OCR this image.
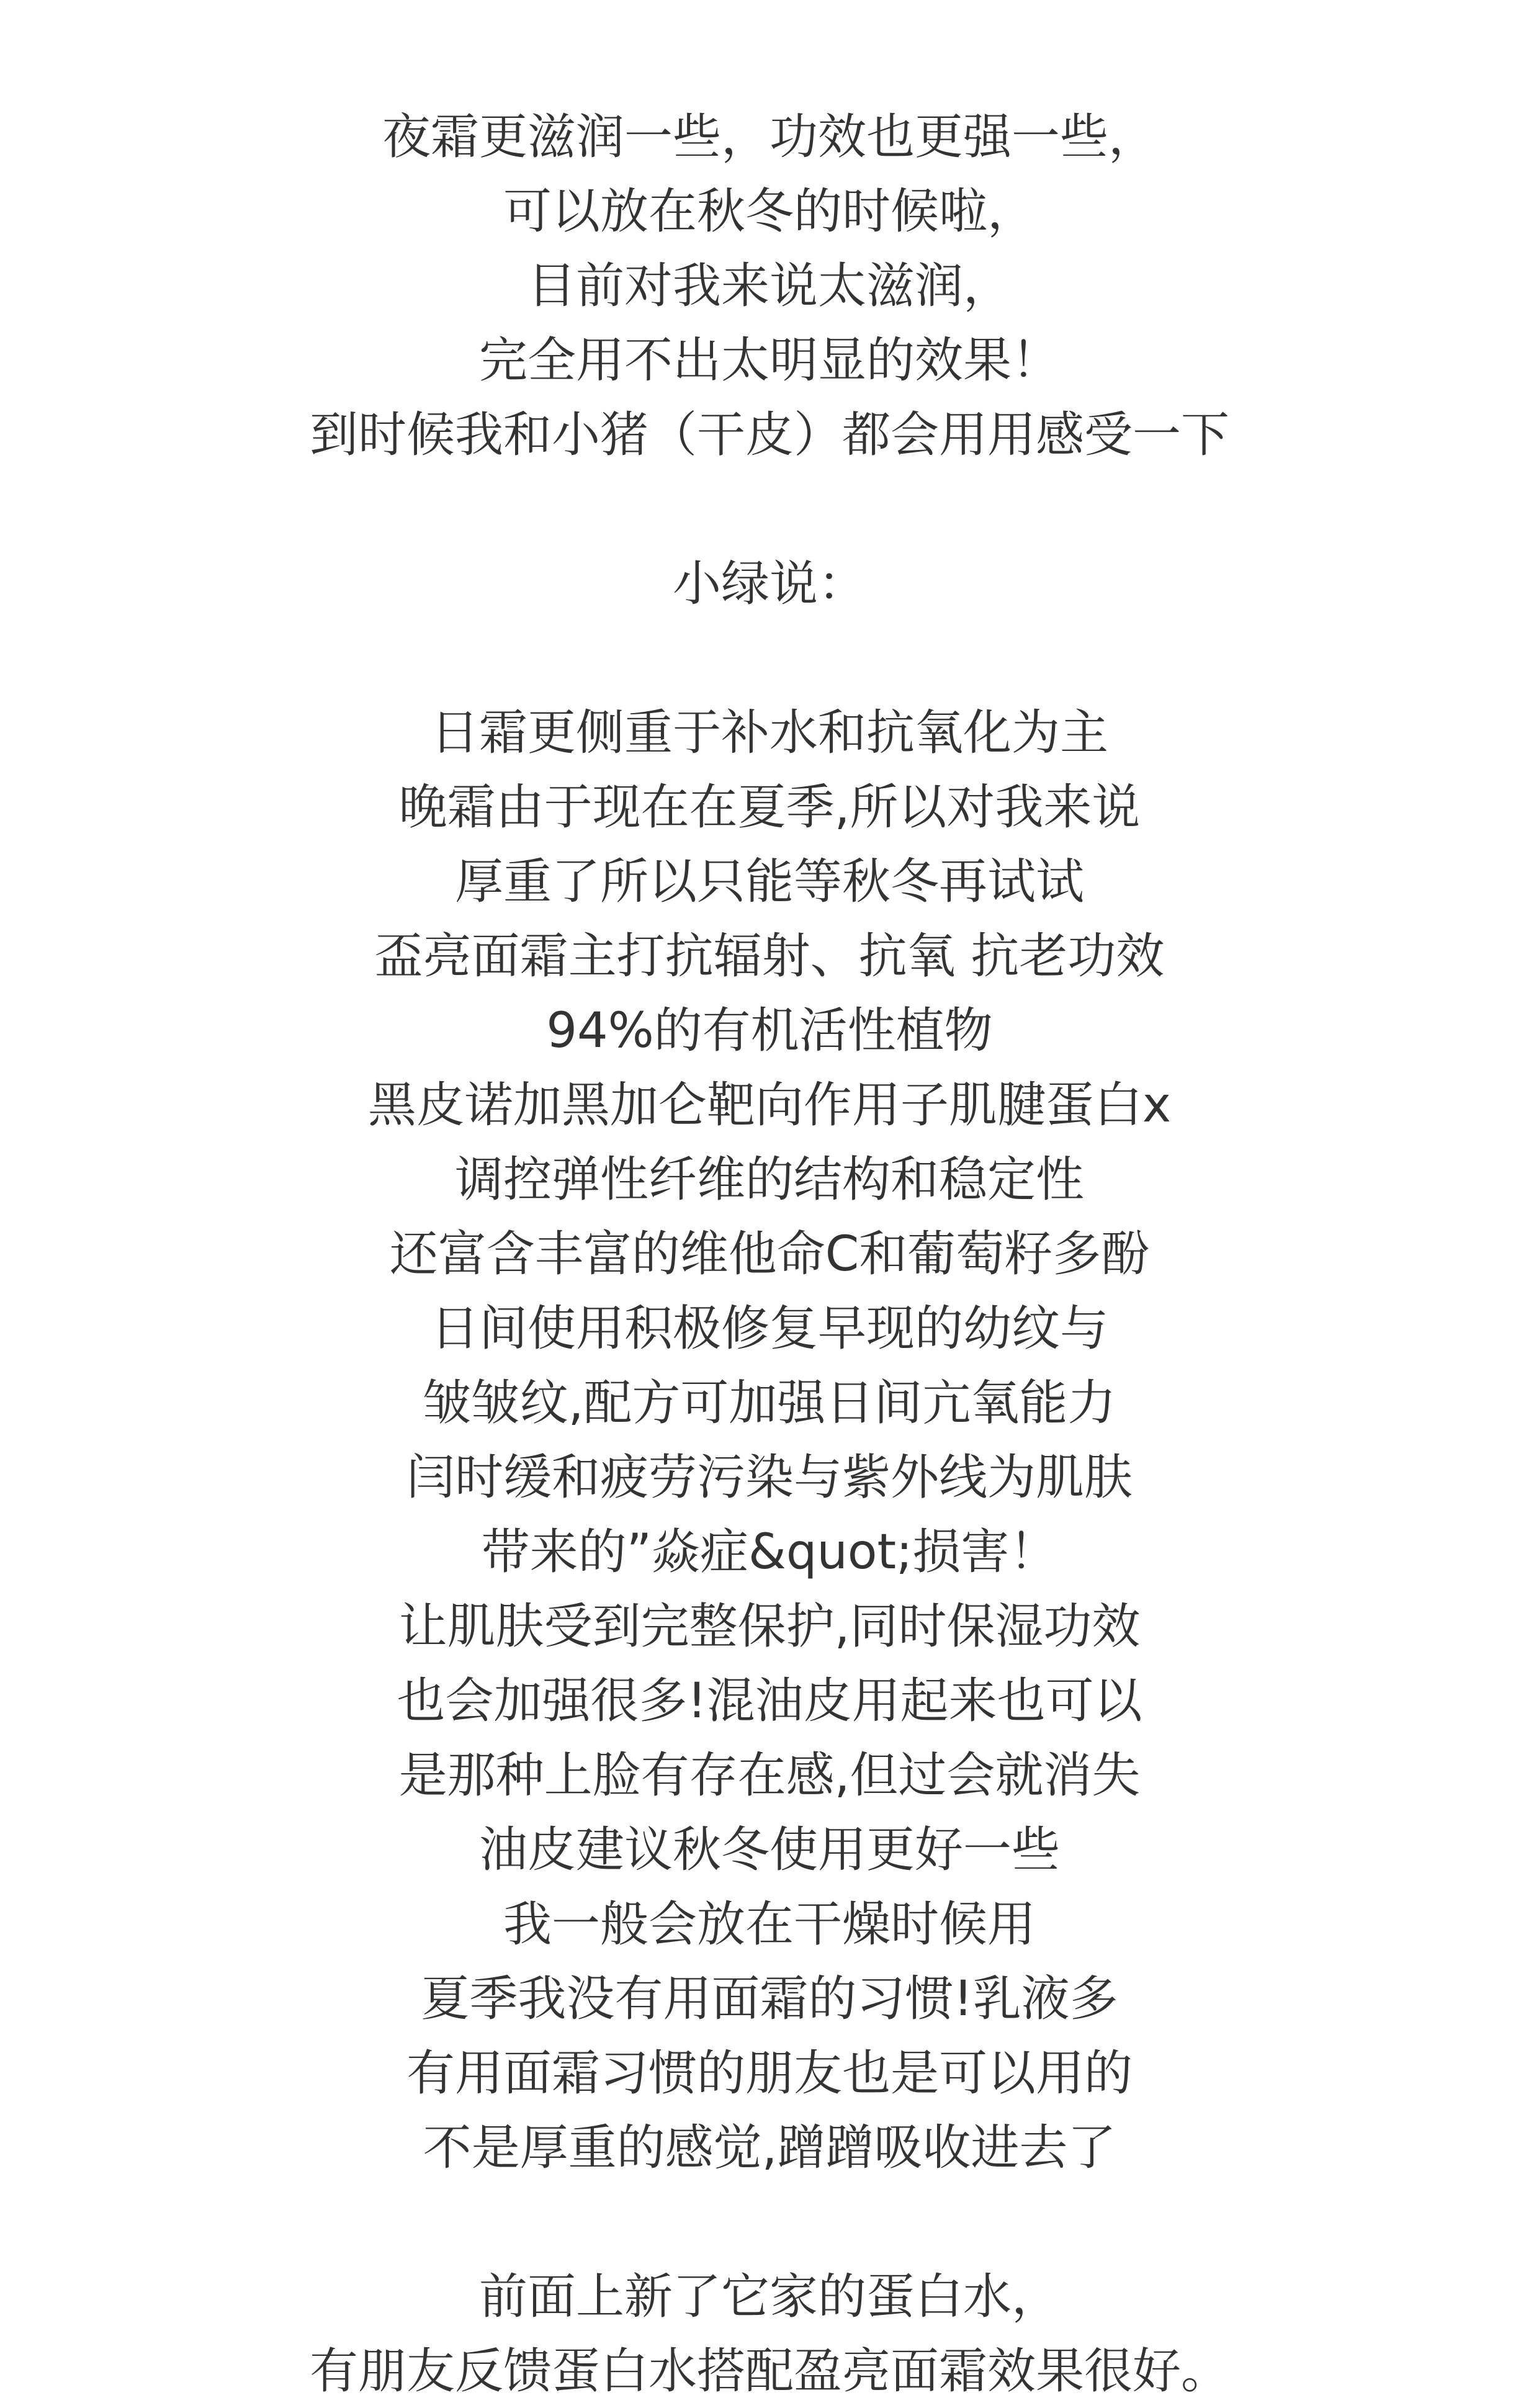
夜霜更滋润一些，功效也更强一些，
可以放在秋冬的时候啦，
目前对我来说太滋润，
完全用不出太明显的效果！
到时候我和小猪（干皮）都会用用感受一下
小绿说：
日霜更侧重于补水和抗氧化为主
晚霜由于现在在夏季,所以对我来说
厚重了所以只能等秋冬再试试
盃亮面霜主打抗辐射、抗氧 抗老功效
94%的有机活性植物
黑皮诺加黑加仑靶向作用子肌腱蛋白x
调控弹性纤维的结构和稳定性
还富含丰富的维他命C和葡萄籽多酚
日间使用积极修复早现的幼纹与
皱皱纹,配方可加强日间亢氧能力
闫时缓和疲劳污染与紫外线为肌肤
带来的”焱症&quot;损害！
让肌肤受到完整保护,同时保湿功效
也会加强很多!混油皮用起来也可以
是那种上脸有存在感,但过会就消失
油皮建议秋冬使用更好一些
我一般会放在干燥时候用
夏季我没有用面霜的习惯!乳液多
有用面霜习惯的朋友也是可以用的
不是厚重的感觉,蹭蹭吸收进去了
前面上新了它家的蛋白水，
有朋友反馈蛋白水搭配盈亮面霜效果很好。
